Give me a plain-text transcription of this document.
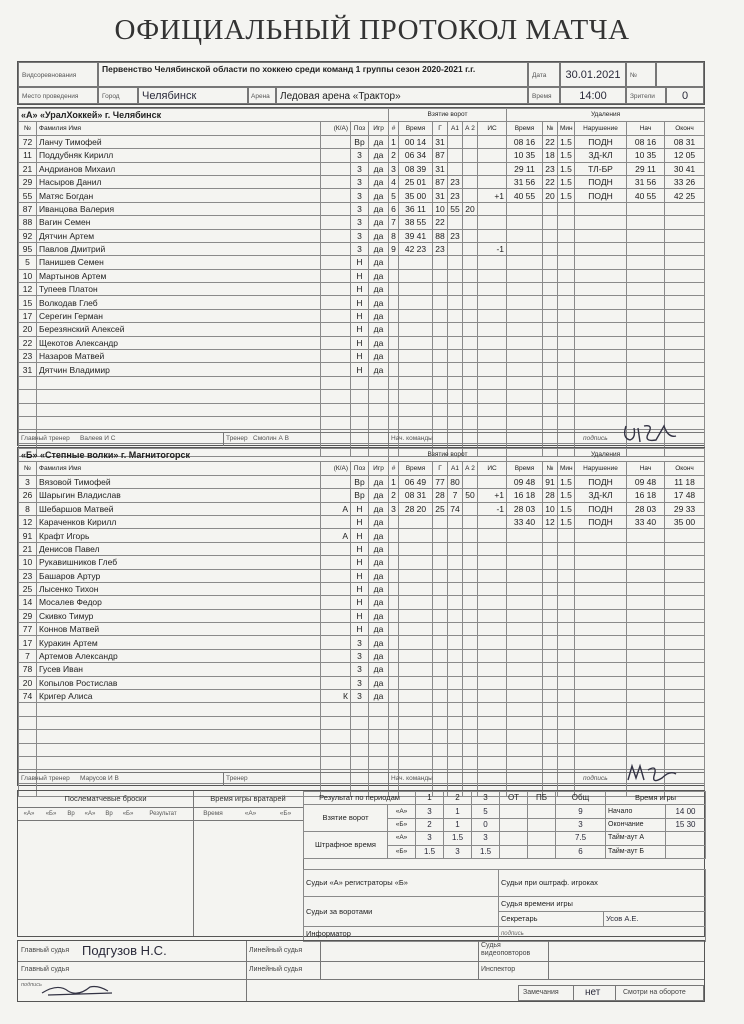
ОФИЦИАЛЬНЫЙ ПРОТОКОЛ МАТЧА
Видсоревнования
Первенство Челябинской области по хоккею среди команд 1 группы сезон 2020-2021 г.г.
Дата	30.01.2021	№
Место проведения	Город	Челябинск	Арена	Ледовая арена «Трактор»	Время	14:00	Зрители	0
«А» «УралХоккей» г. Челябинск				
№	Фамилия Имя	(К/А)	Поз	Игр
72	Ланчу Тимофей		Вр	да
11	Поддубняк Кирилл		3	да
21	Андрианов Михаил		3	да
29	Насыров Данил		3	да
55	Матяс Богдан		3	да
87	Иванцова Валерия		3	да
88	Вагин Семен		3	да
92	Дятчин Артем		3	да
95	Павлов Дмитрий		3	да
5	Панишев Семен		Н	да
10	Мартынов Артем		Н	да
12	Тупеев Платон		Н	да
15	Волкодав Глеб		Н	да
17	Серегин Герман		Н	да
20	Березянский Алексей		Н	да
22	Щекотов Александр		Н	да
23	Назаров Матвей		Н	да
31	Дятчин Владимир		Н	да

Взятие ворот					
#	Время	Г	А1	А 2	ИС
1	00 14	31			
2	06 34	87			
3	08 39	31			
4	25 01	87	23		
5	35 00	31	23		+1
6	36 11	10	55	20	
7	38 55	22			
8	39 41	88	23		
9	42 23	23			-1

Удаления					
Время	№	Мин	Нарушение	Нач	Оконч
08 16	22	1.5	ПОДН	08 16	08 31
10 35	18	1.5	ЗД-КЛ	10 35	12 05
29 11	23	1.5	ТЛ-БР	29 11	30 41
31 56	22	1.5	ПОДН	31 56	33 26
40 55	20	1.5	ПОДН	40 55	42 25

Главный тренер Валеев И С	Тренер Смолин А В	Нач. команды	подпись
«Б» «Степные волки» г. Магнитогорск				
№	Фамилия Имя	(К/А)	Поз	Игр
3	Вязовой Тимофей		Вр	да
26	Шарыгин Владислав		Вр	да
8	Шебаршов Матвей	А	Н	да
12	Караченков Кирилл		Н	да
91	Крафт Игорь	А	Н	да
21	Денисов Павел		Н	да
10	Рукавишников Глеб		Н	да
23	Башаров Артур		Н	да
25	Лысенко Тихон		Н	да
14	Мосалев Федор		Н	да
29	Скивко Тимур		Н	да
77	Коннов Матвей		Н	да
17	Куракин Артем		3	да
7	Артемов Александр		3	да
78	Гусев Иван		3	да
20	Копылов Ростислав		3	да
74	Кригер Алиса	К	3	да

Взятие ворот					
#	Время	Г	А1	А 2	ИС
1	06 49	77	80		
2	08 31	28	7	50	+1
3	28 20	25	74		-1

Удаления					
Время	№	Мин	Нарушение	Нач	Оконч
09 48	91	1.5	ПОДН	09 48	11 18
16 18	28	1.5	ЗД-КЛ	16 18	17 48
28 03	10	1.5	ПОДН	28 03	29 33
33 40	12	1.5	ПОДН	33 40	35 00

Главный тренер Марусов И В	Тренер	Нач. команды	подпись
Послематчевые броски
«А»	«Б»	Вр	«А»	Вр	«Б»	Результат
Время игры вратарей
Время	«А»	«Б»
Результат по периодам		1	2	3	ОТ	ПБ	Общ
Взятие ворот	«А»	3	1	5			9
	«Б»	2	1	0			3
Штрафное время	«А»	3	1.5	3			7.5
	«Б»	1.5	3	1.5			6
Время игры	
Начало	14 00
Окончание	15 30
Тайм-аут А	
Тайм-аут Б	
Судьи «А» регистраторы «Б»	Судьи при оштраф. игроках	
Судьи за воротами	Судья времени игры	
	Секретарь	Усов А.Е.
Информатор	подпись	
Главный судья Подгузов Н.С.
Главный судья
подпись
Линейный судья
Линейный судья
Судья видеоповторов
Инспектор
Замечания	нет	Смотри на обороте
